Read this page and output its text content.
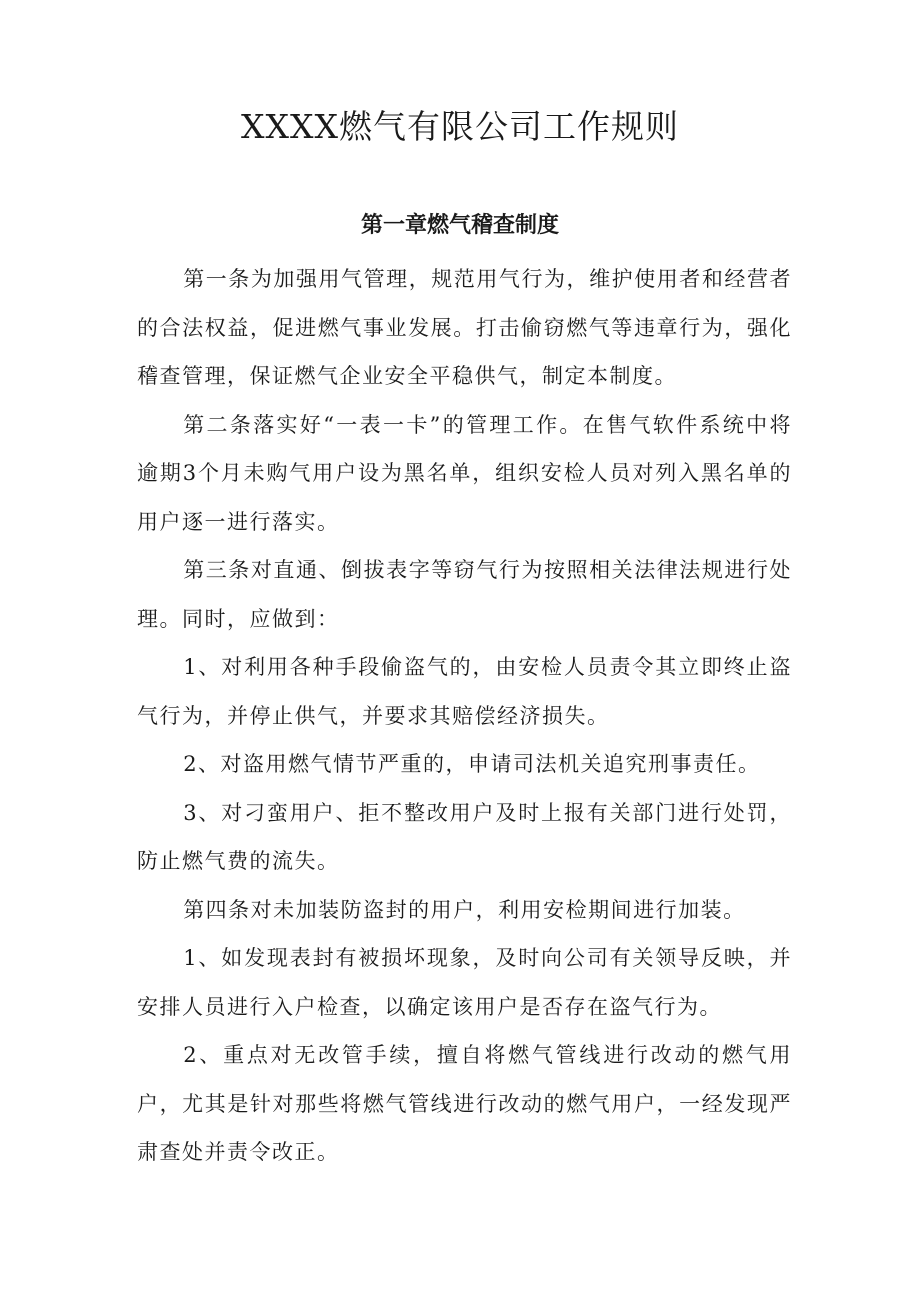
XXXX燃气有限公司工作规则
第一章燃气稽查制度

第一条为加强用气管理，规范用气行为，维护使用者和经营者的合法权益，促进燃气事业发展。打击偷窃燃气等违章行为，强化稽查管理，保证燃气企业安全平稳供气，制定本制度。

第二条落实好“一表一卡”的管理工作。在售气软件系统中将逾期3个月未购气用户设为黑名单，组织安检人员对列入黑名单的用户逐一进行落实。

第三条对直通、倒拔表字等窃气行为按照相关法律法规进行处理。同时，应做到：

1、对利用各种手段偷盗气的，由安检人员责令其立即终止盗气行为，并停止供气，并要求其赔偿经济损失。

2、对盗用燃气情节严重的，申请司法机关追究刑事责任。

3、对刁蛮用户、拒不整改用户及时上报有关部门进行处罚，防止燃气费的流失。

第四条对未加装防盗封的用户，利用安检期间进行加装。

1、如发现表封有被损坏现象，及时向公司有关领导反映，并安排人员进行入户检查，以确定该用户是否存在盗气行为。

2、重点对无改管手续，擅自将燃气管线进行改动的燃气用户，尤其是针对那些将燃气管线进行改动的燃气用户，一经发现严肃查处并责令改正。
